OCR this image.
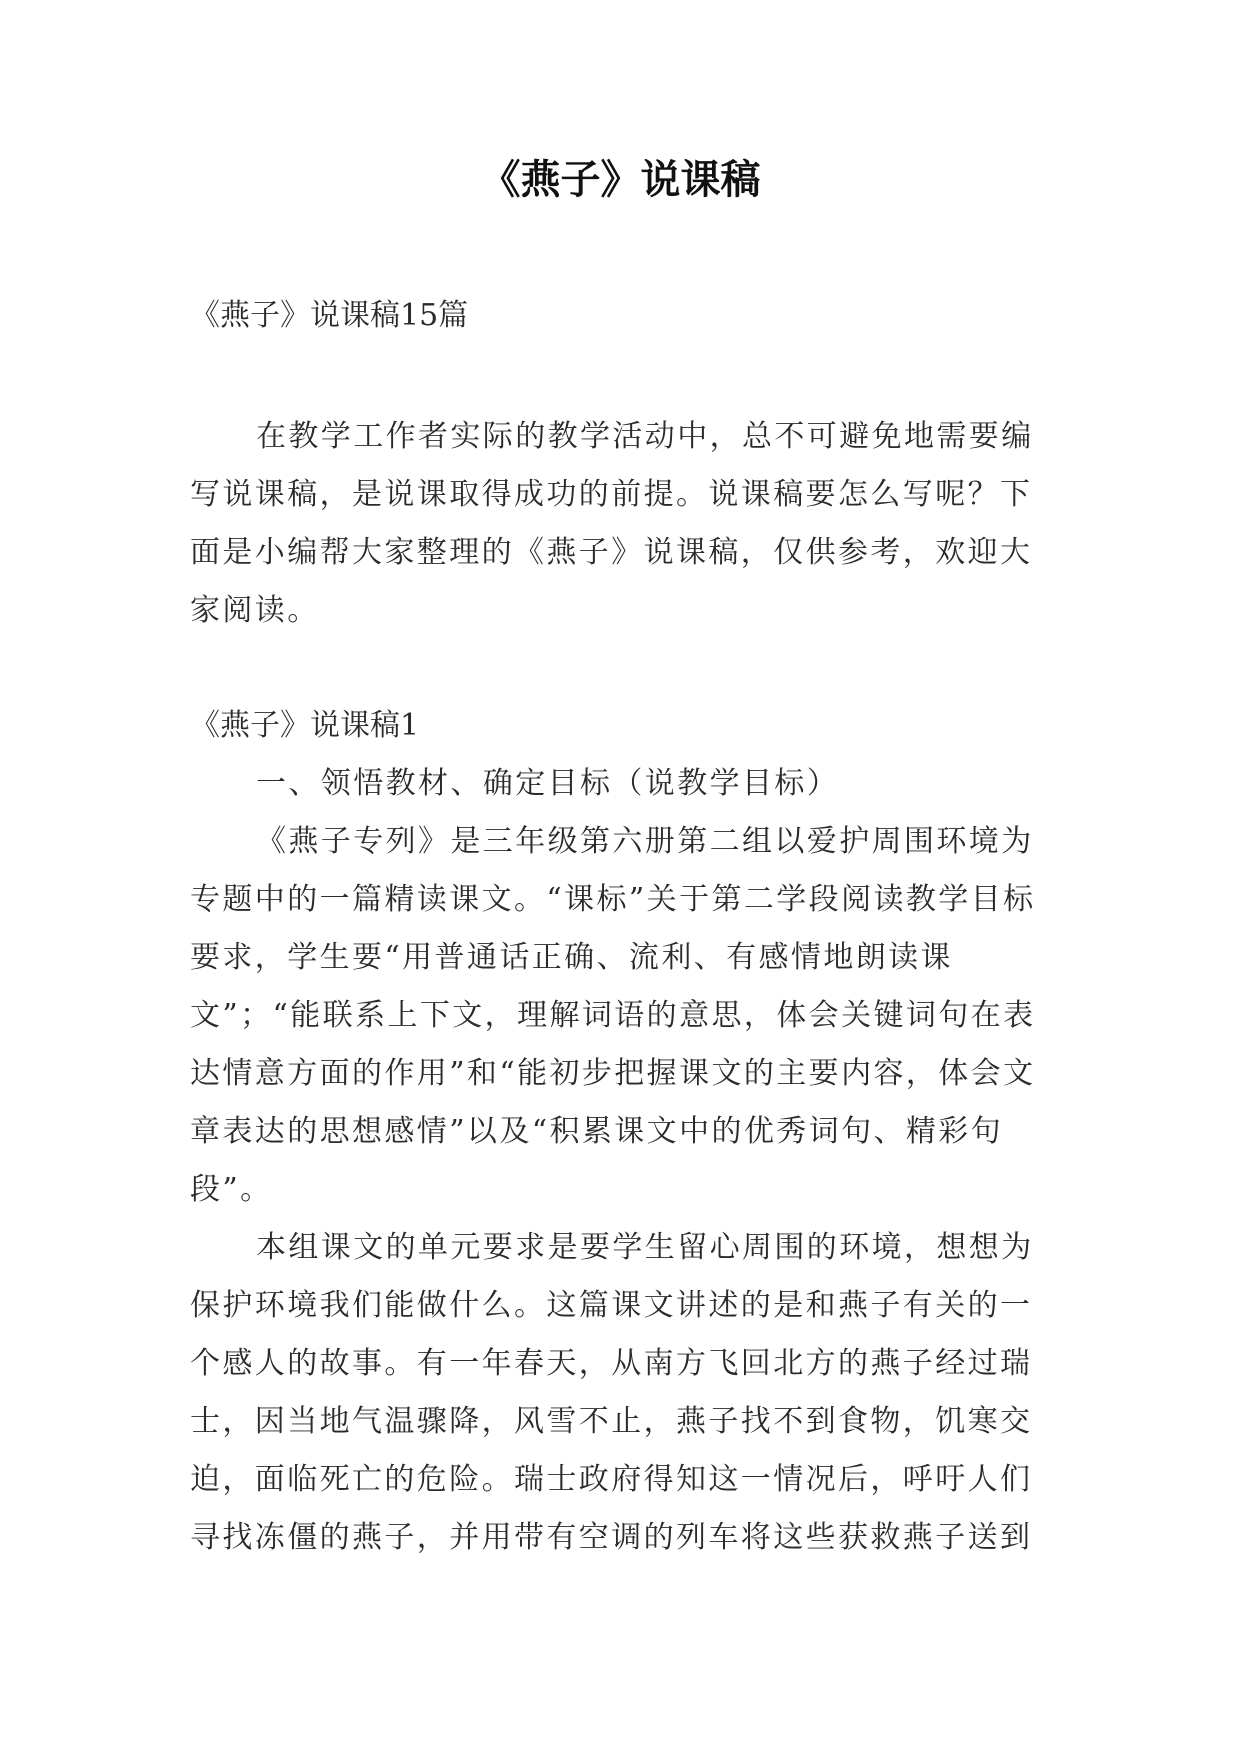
《燕子》说课稿
《燕子》说课稿15篇

在教学工作者实际的教学活动中，总不可避免地需要编写说课稿，是说课取得成功的前提。说课稿要怎么写呢？下面是小编帮大家整理的《燕子》说课稿，仅供参考，欢迎大家阅读。

《燕子》说课稿1

一、领悟教材、确定目标（说教学目标）

《燕子专列》是三年级第六册第二组以爱护周围环境为专题中的一篇精读课文。“课标”关于第二学段阅读教学目标要求，学生要“用普通话正确、流利、有感情地朗读课文”；“能联系上下文，理解词语的意思，体会关键词句在表达情意方面的作用”和“能初步把握课文的主要内容，体会文章表达的思想感情”以及“积累课文中的优秀词句、精彩句段”。

本组课文的单元要求是要学生留心周围的环境，想想为保护环境我们能做什么。这篇课文讲述的是和燕子有关的一个感人的故事。有一年春天，从南方飞回北方的燕子经过瑞士，因当地气温骤降，风雪不止，燕子找不到食物，饥寒交迫，面临死亡的危险。瑞士政府得知这一情况后，呼吁人们寻找冻僵的燕子，并用带有空调的列车将这些获救燕子送到
